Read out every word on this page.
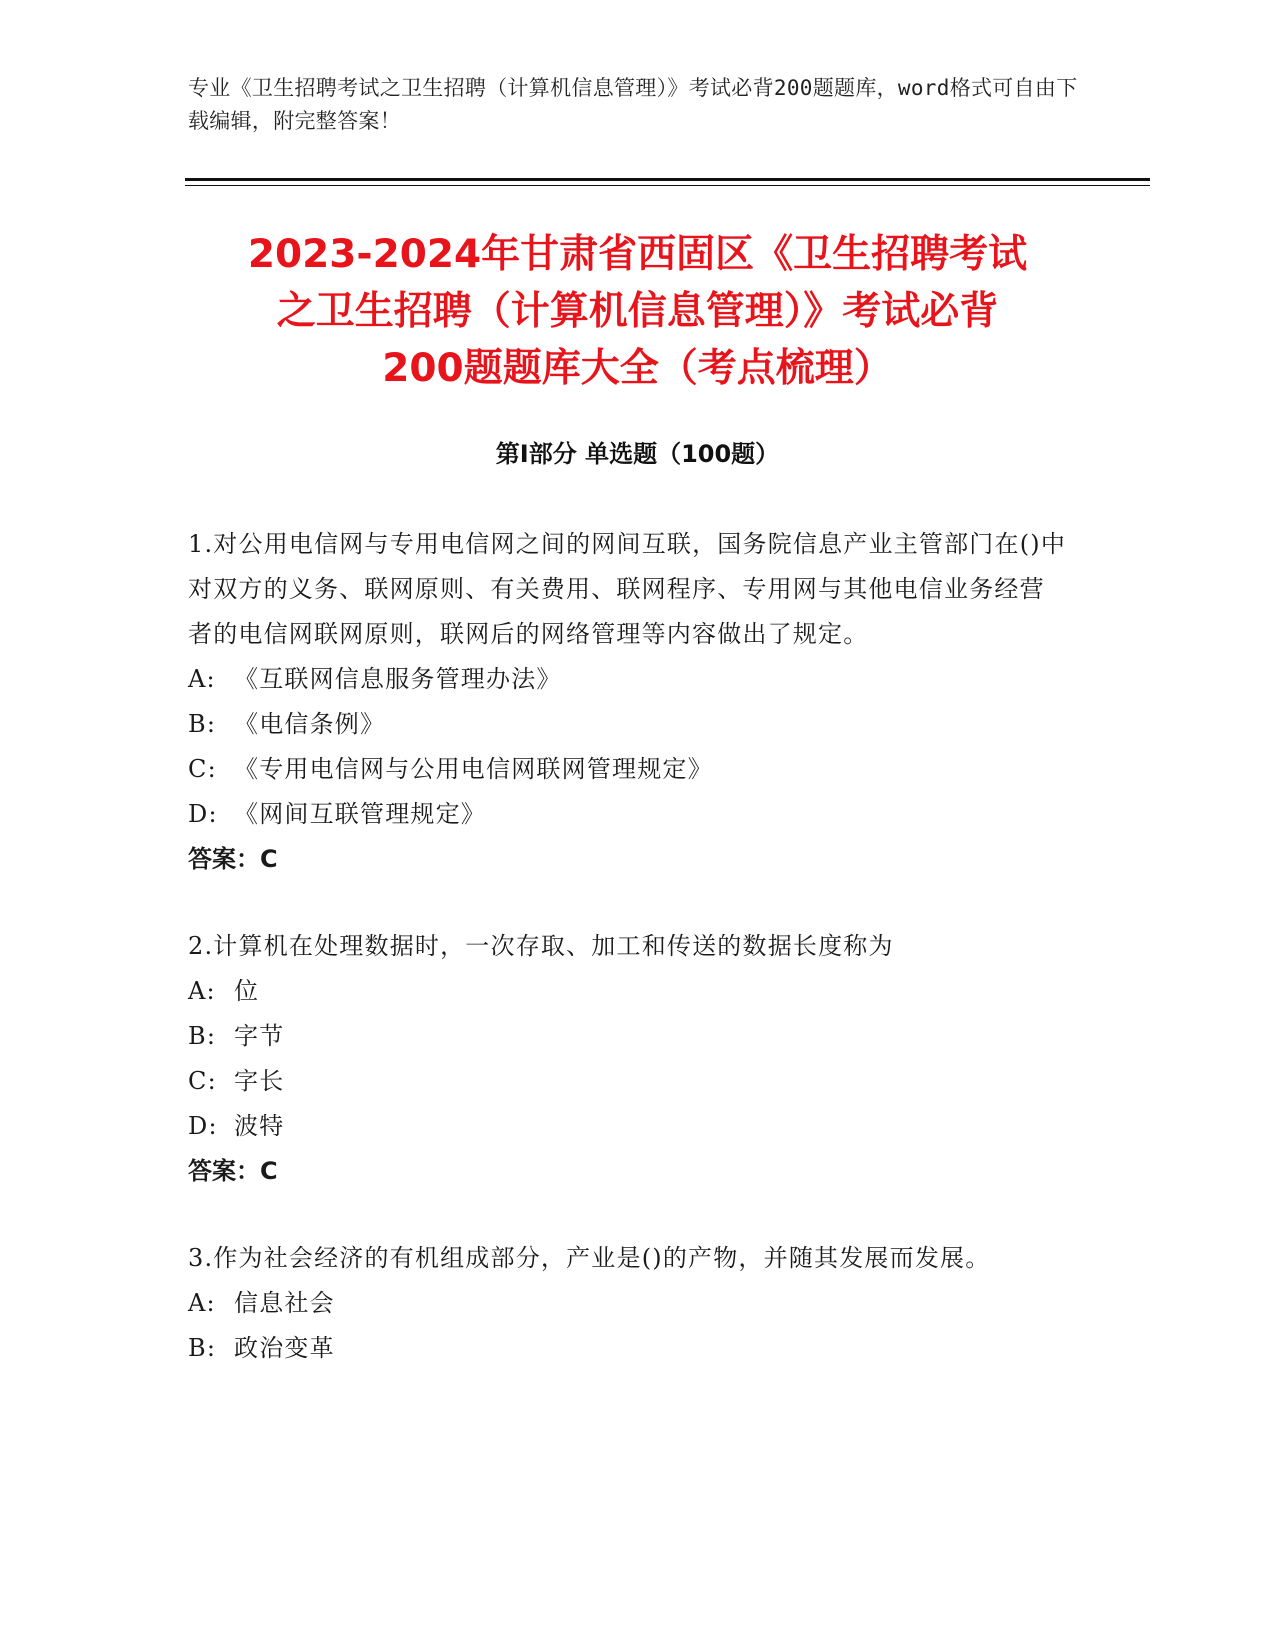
专业《卫生招聘考试之卫生招聘（计算机信息管理）》考试必背200题题库，word格式可自由下载编辑，附完整答案！
2023-2024年甘肃省西固区《卫生招聘考试
之卫生招聘（计算机信息管理）》考试必背
200题题库大全（考点梳理）
第Ⅰ部分 单选题（100题）

1.对公用电信网与专用电信网之间的网间互联，国务院信息产业主管部门在()中对双方的义务、联网原则、有关费用、联网程序、专用网与其他电信业务经营者的电信网联网原则，联网后的网络管理等内容做出了规定。

A: 《互联网信息服务管理办法》

B: 《电信条例》

C: 《专用电信网与公用电信网联网管理规定》

D: 《网间互联管理规定》

答案：C

2.计算机在处理数据时，一次存取、加工和传送的数据长度称为

A: 位

B: 字节

C: 字长

D: 波特

答案：C

3.作为社会经济的有机组成部分，产业是()的产物，并随其发展而发展。

A: 信息社会

B: 政治变革
